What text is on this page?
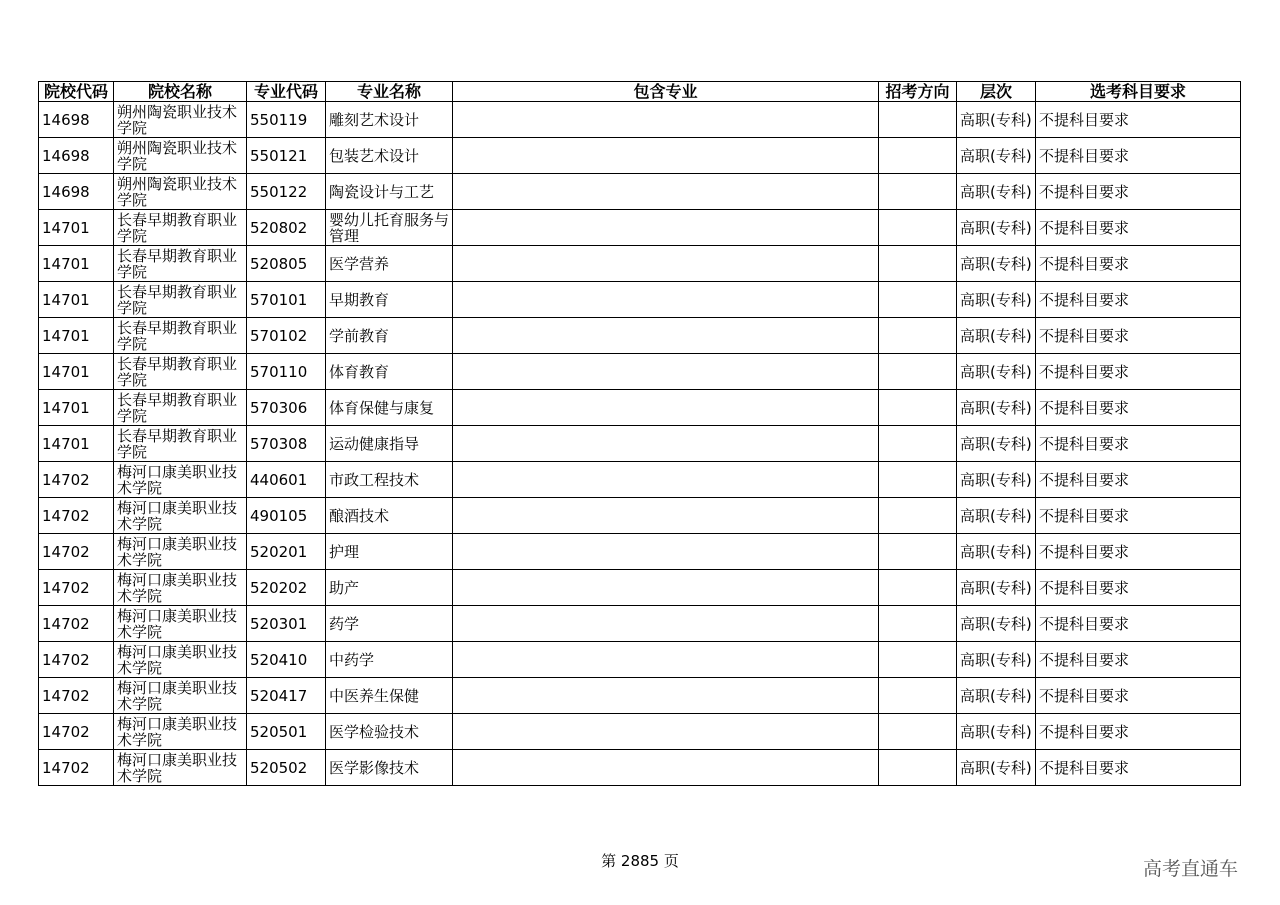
院校代码	院校名称	专业代码	专业名称	包含专业	招考方向	层次	选考科目要求
14698	朔州陶瓷职业技术学院	550119	雕刻艺术设计			高职(专科)	不提科目要求
14698	朔州陶瓷职业技术学院	550121	包装艺术设计			高职(专科)	不提科目要求
14698	朔州陶瓷职业技术学院	550122	陶瓷设计与工艺			高职(专科)	不提科目要求
14701	长春早期教育职业学院	520802	婴幼儿托育服务与管理			高职(专科)	不提科目要求
14701	长春早期教育职业学院	520805	医学营养			高职(专科)	不提科目要求
14701	长春早期教育职业学院	570101	早期教育			高职(专科)	不提科目要求
14701	长春早期教育职业学院	570102	学前教育			高职(专科)	不提科目要求
14701	长春早期教育职业学院	570110	体育教育			高职(专科)	不提科目要求
14701	长春早期教育职业学院	570306	体育保健与康复			高职(专科)	不提科目要求
14701	长春早期教育职业学院	570308	运动健康指导			高职(专科)	不提科目要求
14702	梅河口康美职业技术学院	440601	市政工程技术			高职(专科)	不提科目要求
14702	梅河口康美职业技术学院	490105	酿酒技术			高职(专科)	不提科目要求
14702	梅河口康美职业技术学院	520201	护理			高职(专科)	不提科目要求
14702	梅河口康美职业技术学院	520202	助产			高职(专科)	不提科目要求
14702	梅河口康美职业技术学院	520301	药学			高职(专科)	不提科目要求
14702	梅河口康美职业技术学院	520410	中药学			高职(专科)	不提科目要求
14702	梅河口康美职业技术学院	520417	中医养生保健			高职(专科)	不提科目要求
14702	梅河口康美职业技术学院	520501	医学检验技术			高职(专科)	不提科目要求
14702	梅河口康美职业技术学院	520502	医学影像技术			高职(专科)	不提科目要求
第 2885 页	高考直通车
